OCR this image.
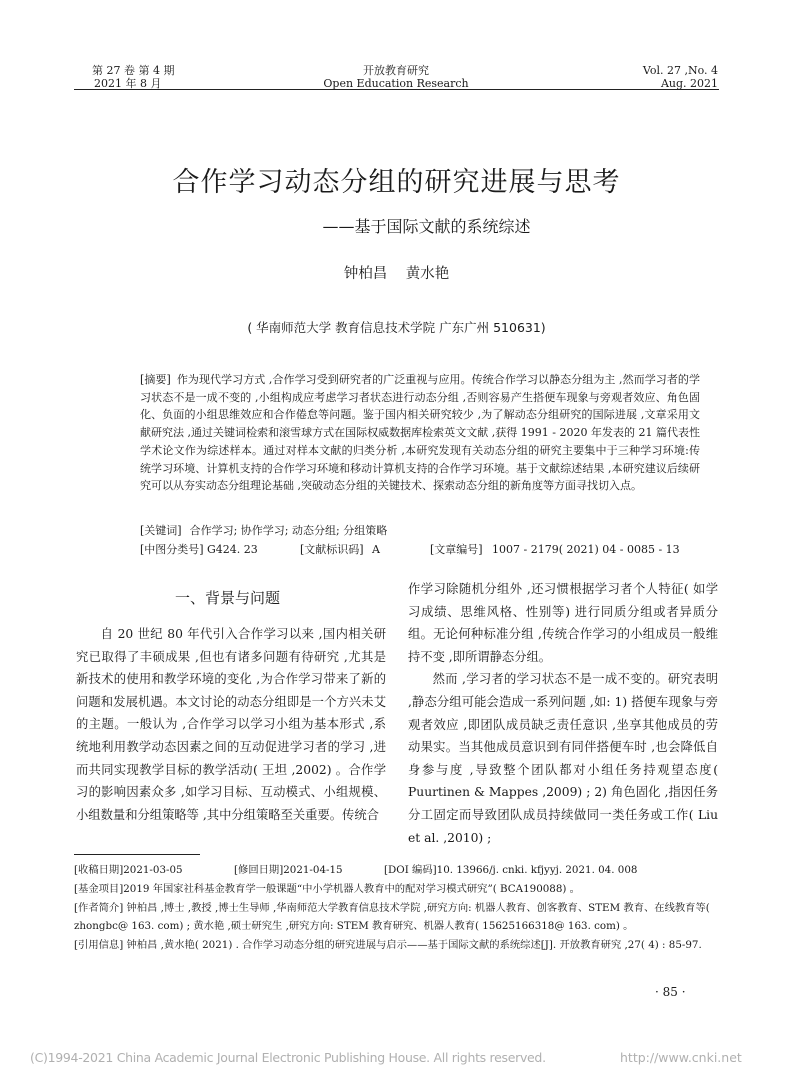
第 27 卷 第 4 期
2021 年 8 月
开放教育研究
Open Education Research
Vol. 27 ,No. 4
Aug. 2021
合作学习动态分组的研究进展与思考
——基于国际文献的系统综述
钟柏昌    黄水艳
( 华南师范大学 教育信息技术学院 广东广州 510631)
[摘要] 作为现代学习方式 ,合作学习受到研究者的广泛重视与应用。传统合作学习以静态分组为主 ,然而学习者的学习状态不是一成不变的 ,小组构成应考虑学习者状态进行动态分组 ,否则容易产生搭便车现象与旁观者效应、角色固化、负面的小组思维效应和合作倦怠等问题。鉴于国内相关研究较少 ,为了解动态分组研究的国际进展 ,文章采用文献研究法 ,通过关键词检索和滚雪球方式在国际权威数据库检索英文文献 ,获得 1991 - 2020 年发表的 21 篇代表性学术论文作为综述样本。通过对样本文献的归类分析 ,本研究发现有关动态分组的研究主要集中于三种学习环境:传统学习环境、计算机支持的合作学习环境和移动计算机支持的合作学习环境。基于文献综述结果 ,本研究建议后续研究可以从夯实动态分组理论基础 ,突破动态分组的关键技术、探索动态分组的新角度等方面寻找切入点。
[关键词] 合作学习; 协作学习; 动态分组; 分组策略
[中图分类号] G424. 23	[文献标识码] A	[文章编号] 1007 - 2179( 2021) 04 - 0085 - 13
一、背景与问题

自 20 世纪 80 年代引入合作学习以来 ,国内相关研究已取得了丰硕成果 ,但也有诸多问题有待研究 ,尤其是新技术的使用和教学环境的变化 ,为合作学习带来了新的问题和发展机遇。本文讨论的动态分组即是一个方兴未艾的主题。一般认为 ,合作学习以学习小组为基本形式 ,系统地利用教学动态因素之间的互动促进学习者的学习 ,进而共同实现教学目标的教学活动( 王坦 ,2002) 。合作学习的影响因素众多 ,如学习目标、互动模式、小组规模、小组数量和分组策略等 ,其中分组策略至关重要。传统合

作学习除随机分组外 ,还习惯根据学习者个人特征( 如学习成绩、思维风格、性别等) 进行同质分组或者异质分组。无论何种标准分组 ,传统合作学习的小组成员一般维持不变 ,即所谓静态分组。

然而 ,学习者的学习状态不是一成不变的。研究表明 ,静态分组可能会造成一系列问题 ,如: 1) 搭便车现象与旁观者效应 ,即团队成员缺乏责任意识 ,坐享其他成员的劳动果实。当其他成员意识到有同伴搭便车时 ,也会降低自身参与度 ,导致整个团队都对小组任务持观望态度( Puurtinen & Mappes ,2009) ; 2) 角色固化 ,指因任务分工固定而导致团队成员持续做同一类任务或工作( Liu et al. ,2010) ;

[收稿日期]2021-03-05	[修回日期]2021-04-15	[DOI 编码]10. 13966/j. cnki. kfjyyj. 2021. 04. 008
[基金项目]2019 年国家社科基金教育学一般课题“中小学机器人教育中的配对学习模式研究”( BCA190088) 。
[作者简介] 钟柏昌 ,博士 ,教授 ,博士生导师 ,华南师范大学教育信息技术学院 ,研究方向: 机器人教育、创客教育、STEM 教育、在线教育等( zhongbc@ 163. com) ; 黄水艳 ,硕士研究生 ,研究方向: STEM 教育研究、机器人教育( 15625166318@ 163. com) 。
[引用信息] 钟柏昌 ,黄水艳( 2021) . 合作学习动态分组的研究进展与启示——基于国际文献的系统综述[J]. 开放教育研究 ,27( 4) : 85-97.
· 85 ·
(C)1994-2021 China Academic Journal Electronic Publishing House. All rights reserved.	http://www.cnki.net
